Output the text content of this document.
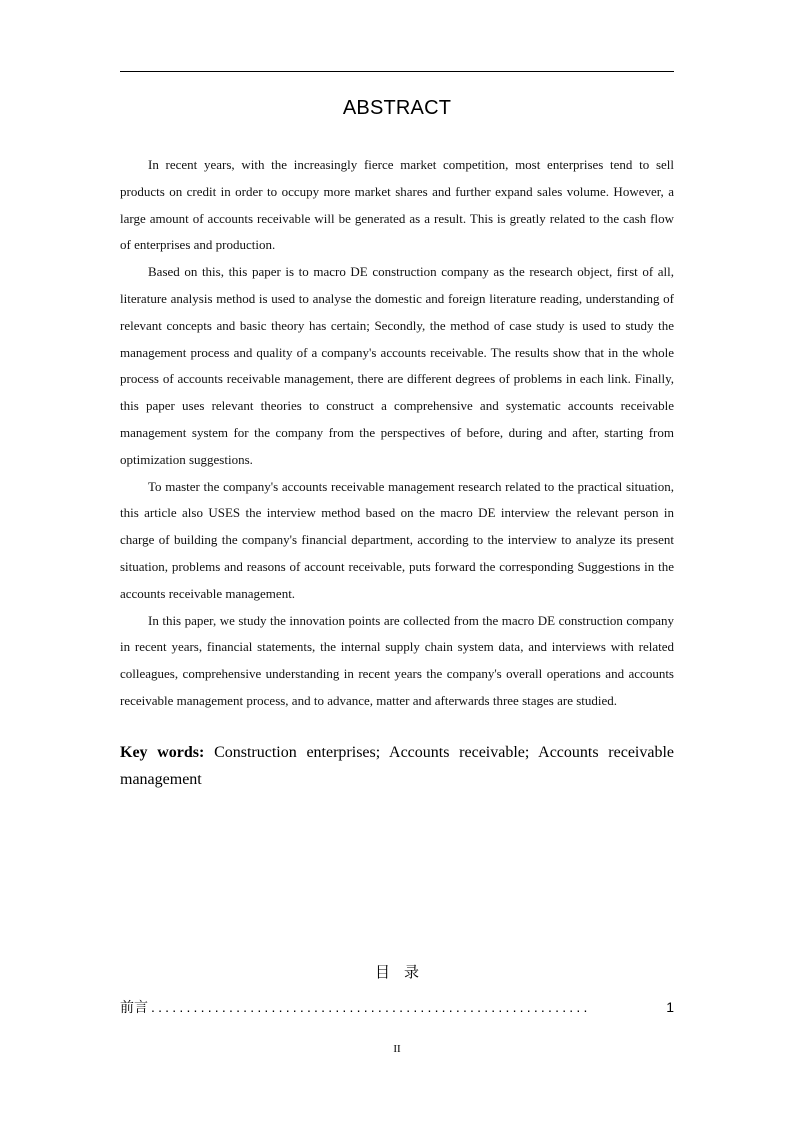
ABSTRACT

In recent years, with the increasingly fierce market competition, most enterprises tend to sell products on credit in order to occupy more market shares and further expand sales volume. However, a large amount of accounts receivable will be generated as a result. This is greatly related to the cash flow of enterprises and production.

Based on this, this paper is to macro DE construction company as the research object, first of all, literature analysis method is used to analyse the domestic and foreign literature reading, understanding of relevant concepts and basic theory has certain; Secondly, the method of case study is used to study the management process and quality of a company's accounts receivable. The results show that in the whole process of accounts receivable management, there are different degrees of problems in each link. Finally, this paper uses relevant theories to construct a comprehensive and systematic accounts receivable management system for the company from the perspectives of before, during and after, starting from optimization suggestions.

To master the company's accounts receivable management research related to the practical situation, this article also USES the interview method based on the macro DE interview the relevant person in charge of building the company's financial department, according to the interview to analyze its present situation, problems and reasons of account receivable, puts forward the corresponding Suggestions in the accounts receivable management.

In this paper, we study the innovation points are collected from the macro DE construction company in recent years, financial statements, the internal supply chain system data, and interviews with related colleagues, comprehensive understanding in recent years the company's overall operations and accounts receivable management process, and to advance, matter and afterwards three stages are studied.

Key words: Construction enterprises; Accounts receivable; Accounts receivable management
目录
前言 ..............................................................	1
II
